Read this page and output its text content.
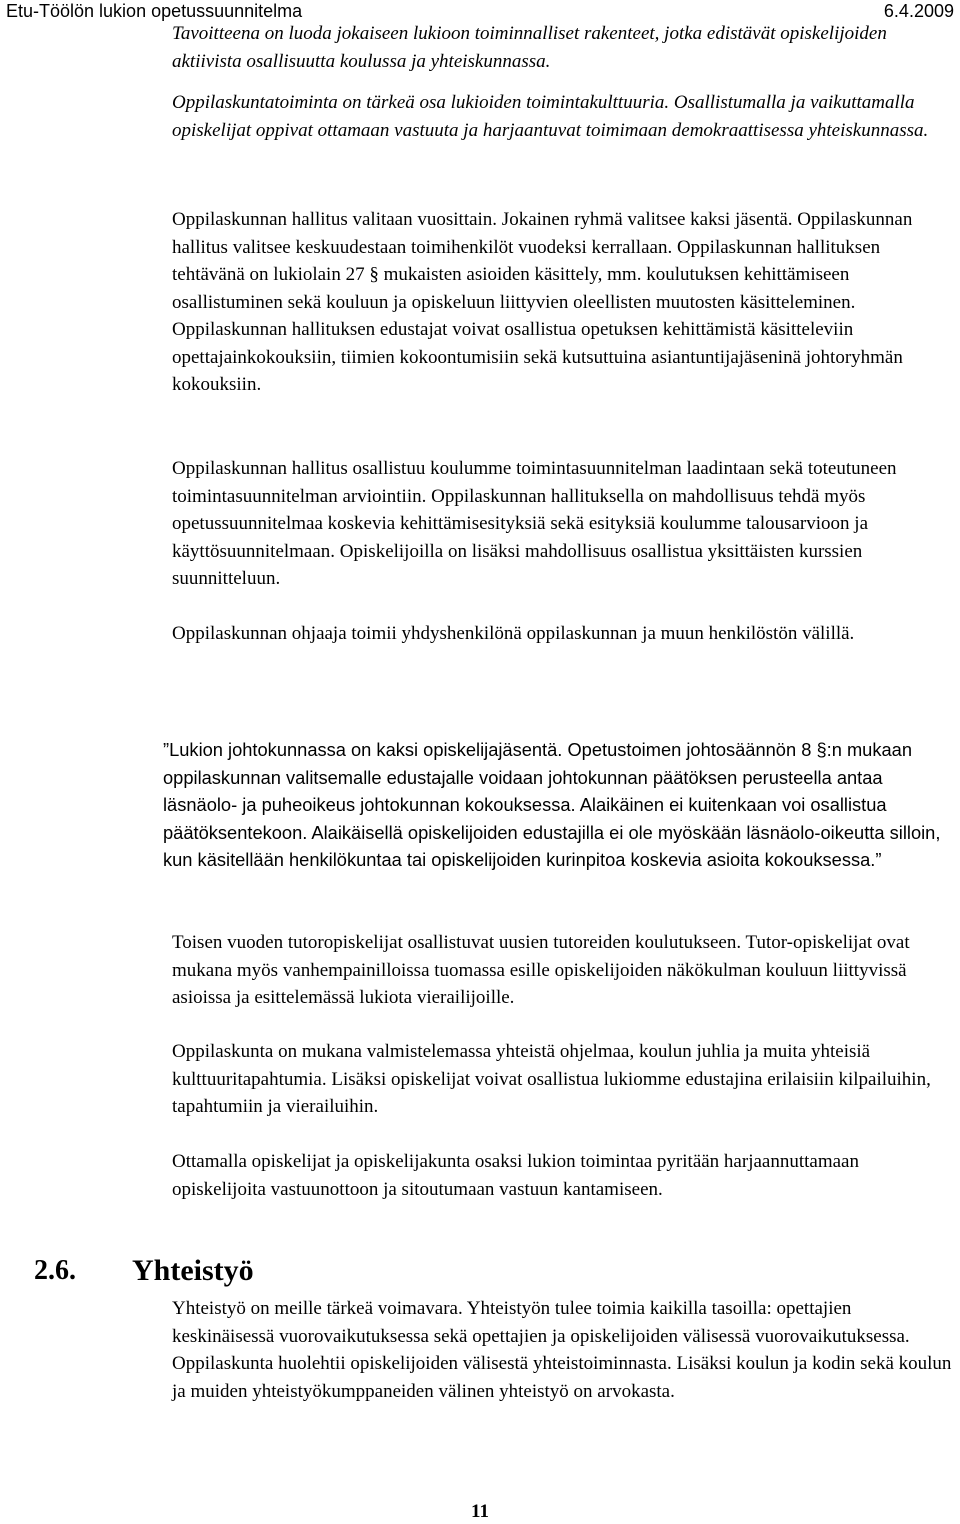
Etu-Töölön lukion opetussuunnitelma	6.4.2009

Tavoitteena on luoda jokaiseen lukioon toiminnalliset rakenteet, jotka edistävät opiskelijoiden aktiivista osallisuutta koulussa ja yhteiskunnassa.

Oppilaskuntatoiminta on tärkeä osa lukioiden toimintakulttuuria. Osallistumalla ja vaikuttamalla opiskelijat oppivat ottamaan vastuuta ja harjaantuvat toimimaan demokraattisessa yhteiskunnassa.

Oppilaskunnan hallitus valitaan vuosittain. Jokainen ryhmä valitsee kaksi jäsentä. Oppilaskunnan hallitus valitsee keskuudestaan toimihenkilöt vuodeksi kerrallaan. Oppilaskunnan hallituksen tehtävänä on lukiolain 27 § mukaisten asioiden käsittely, mm. koulutuksen kehittämiseen osallistuminen sekä kouluun ja opiskeluun liittyvien oleellisten muutosten käsitteleminen. Oppilaskunnan hallituksen edustajat voivat osallistua opetuksen kehittämistä käsitteleviin opettajainkokouksiin, tiimien kokoontumisiin sekä kutsuttuina asiantuntijajäseninä johtoryhmän kokouksiin.

Oppilaskunnan hallitus osallistuu koulumme toimintasuunnitelman laadintaan sekä toteutuneen toimintasuunnitelman arviointiin. Oppilaskunnan hallituksella on mahdollisuus tehdä myös opetussuunnitelmaa koskevia kehittämisesityksiä sekä esityksiä koulumme talousarvioon ja käyttösuunnitelmaan. Opiskelijoilla on lisäksi mahdollisuus osallistua yksittäisten kurssien suunnitteluun.

Oppilaskunnan ohjaaja toimii yhdyshenkilönä oppilaskunnan ja muun henkilöstön välillä.

”Lukion johtokunnassa on kaksi opiskelijajäsentä. Opetustoimen johtosäännön 8 §:n mukaan oppilaskunnan valitsemalle edustajalle voidaan johtokunnan päätöksen perusteella antaa läsnäolo- ja puheoikeus johtokunnan kokouksessa. Alaikäinen ei kuitenkaan voi osallistua päätöksentekoon. Alaikäisellä opiskelijoiden edustajilla ei ole myöskään läsnäolo-oikeutta silloin, kun käsitellään henkilökuntaa tai opiskelijoiden kurinpitoa koskevia asioita kokouksessa.”

Toisen vuoden tutoropiskelijat osallistuvat uusien tutoreiden koulutukseen. Tutor-opiskelijat ovat mukana myös vanhempainilloissa tuomassa esille opiskelijoiden näkökulman kouluun liittyvissä asioissa ja esittelemässä lukiota vierailijoille.

Oppilaskunta on mukana valmistelemassa yhteistä ohjelmaa, koulun juhlia ja muita yhteisiä kulttuuritapahtumia. Lisäksi opiskelijat voivat osallistua lukiomme edustajina erilaisiin kilpailuihin, tapahtumiin ja vierailuihin.

Ottamalla opiskelijat ja opiskelijakunta osaksi lukion toimintaa pyritään harjaannuttamaan opiskelijoita vastuunottoon ja sitoutumaan vastuun kantamiseen.

2.6. Yhteistyö

Yhteistyö on meille tärkeä voimavara. Yhteistyön tulee toimia kaikilla tasoilla: opettajien keskinäisessä vuorovaikutuksessa sekä opettajien ja opiskelijoiden välisessä vuorovaikutuksessa. Oppilaskunta huolehtii opiskelijoiden välisestä yhteistoiminnasta. Lisäksi koulun ja kodin sekä koulun ja muiden yhteistyökumppaneiden välinen yhteistyö on arvokasta.

11
